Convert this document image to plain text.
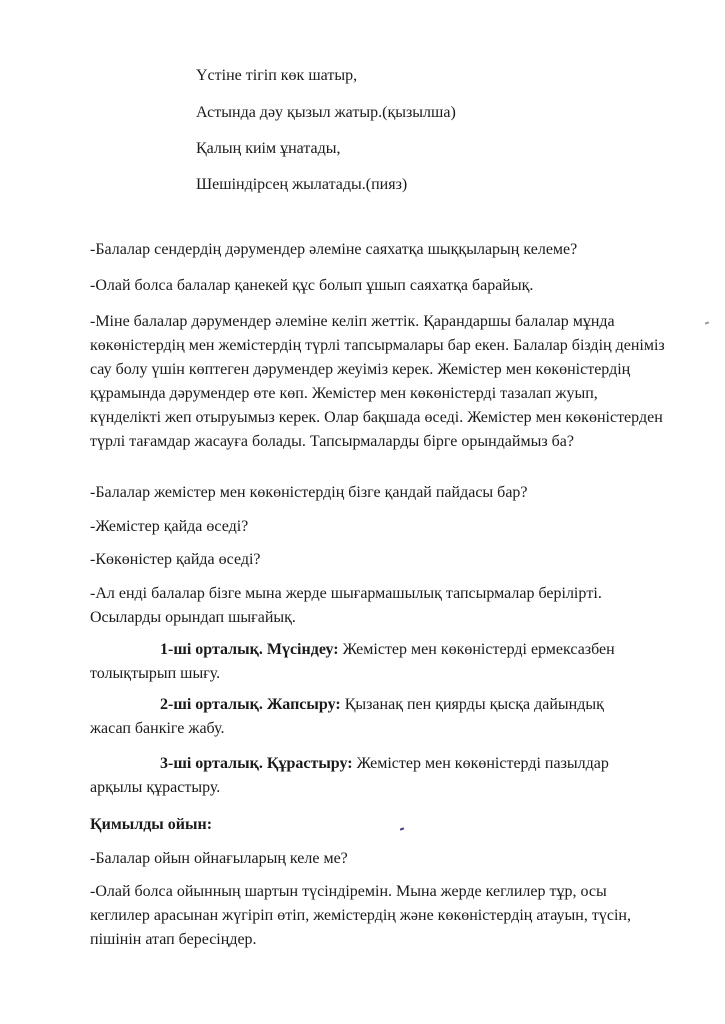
Үстіне тігіп көк шатыр,
Астында дәу қызыл жатыр.(қызылша)
Қалың киім ұнатады,
Шешіндірсең жылатады.(пияз)
-Балалар сендердің дәрумендер әлеміне саяхатқа шыққыларың келеме?
-Олай болса балалар қанекей құс болып ұшып саяхатқа барайық.
-Міне балалар дәрумендер әлеміне келіп жеттік. Қарандаршы балалар мұнда көкөністердің мен жемістердің түрлі тапсырмалары бар екен. Балалар біздің деніміз сау болу үшін көптеген дәрумендер жеуіміз керек. Жемістер мен көкөністердің құрамында дәрумендер өте көп. Жемістер мен көкөністерді тазалап жуып, күнделікті жеп отыруымыз керек. Олар бақшада өседі. Жемістер мен көкөністерден түрлі тағамдар жасауға болады. Тапсырмаларды бірге орындаймыз ба?
-Балалар жемістер мен көкөністердің бізге қандай пайдасы бар?
-Жемістер қайда өседі?
-Көкөністер қайда өседі?
-Ал енді балалар бізге мына жерде шығармашылық тапсырмалар берілipті. Осыларды орындап шығайық.
1-ші орталық. Мүсіндеу: Жемістер мен көкөністерді ермексазбен
толықтырып шығу.
2-ші орталық. Жапсыру: Қызанақ пен қиярды қысқа дайындық
жасап банкіге жабу.
3-ші орталық. Құрастыру: Жемістер мен көкөністерді пазылдар
арқылы құрастыру.
Қимылды ойын:
-Балалар ойын ойнағыларың келе ме?
-Олай болса ойынның шартын түсіндіремін. Мына жерде кеглилер тұр, осы кеглилер арасынан жүгіріп өтіп, жемістердің және көкөністердің атауын, түсін, пішінін атап бересіңдер.
